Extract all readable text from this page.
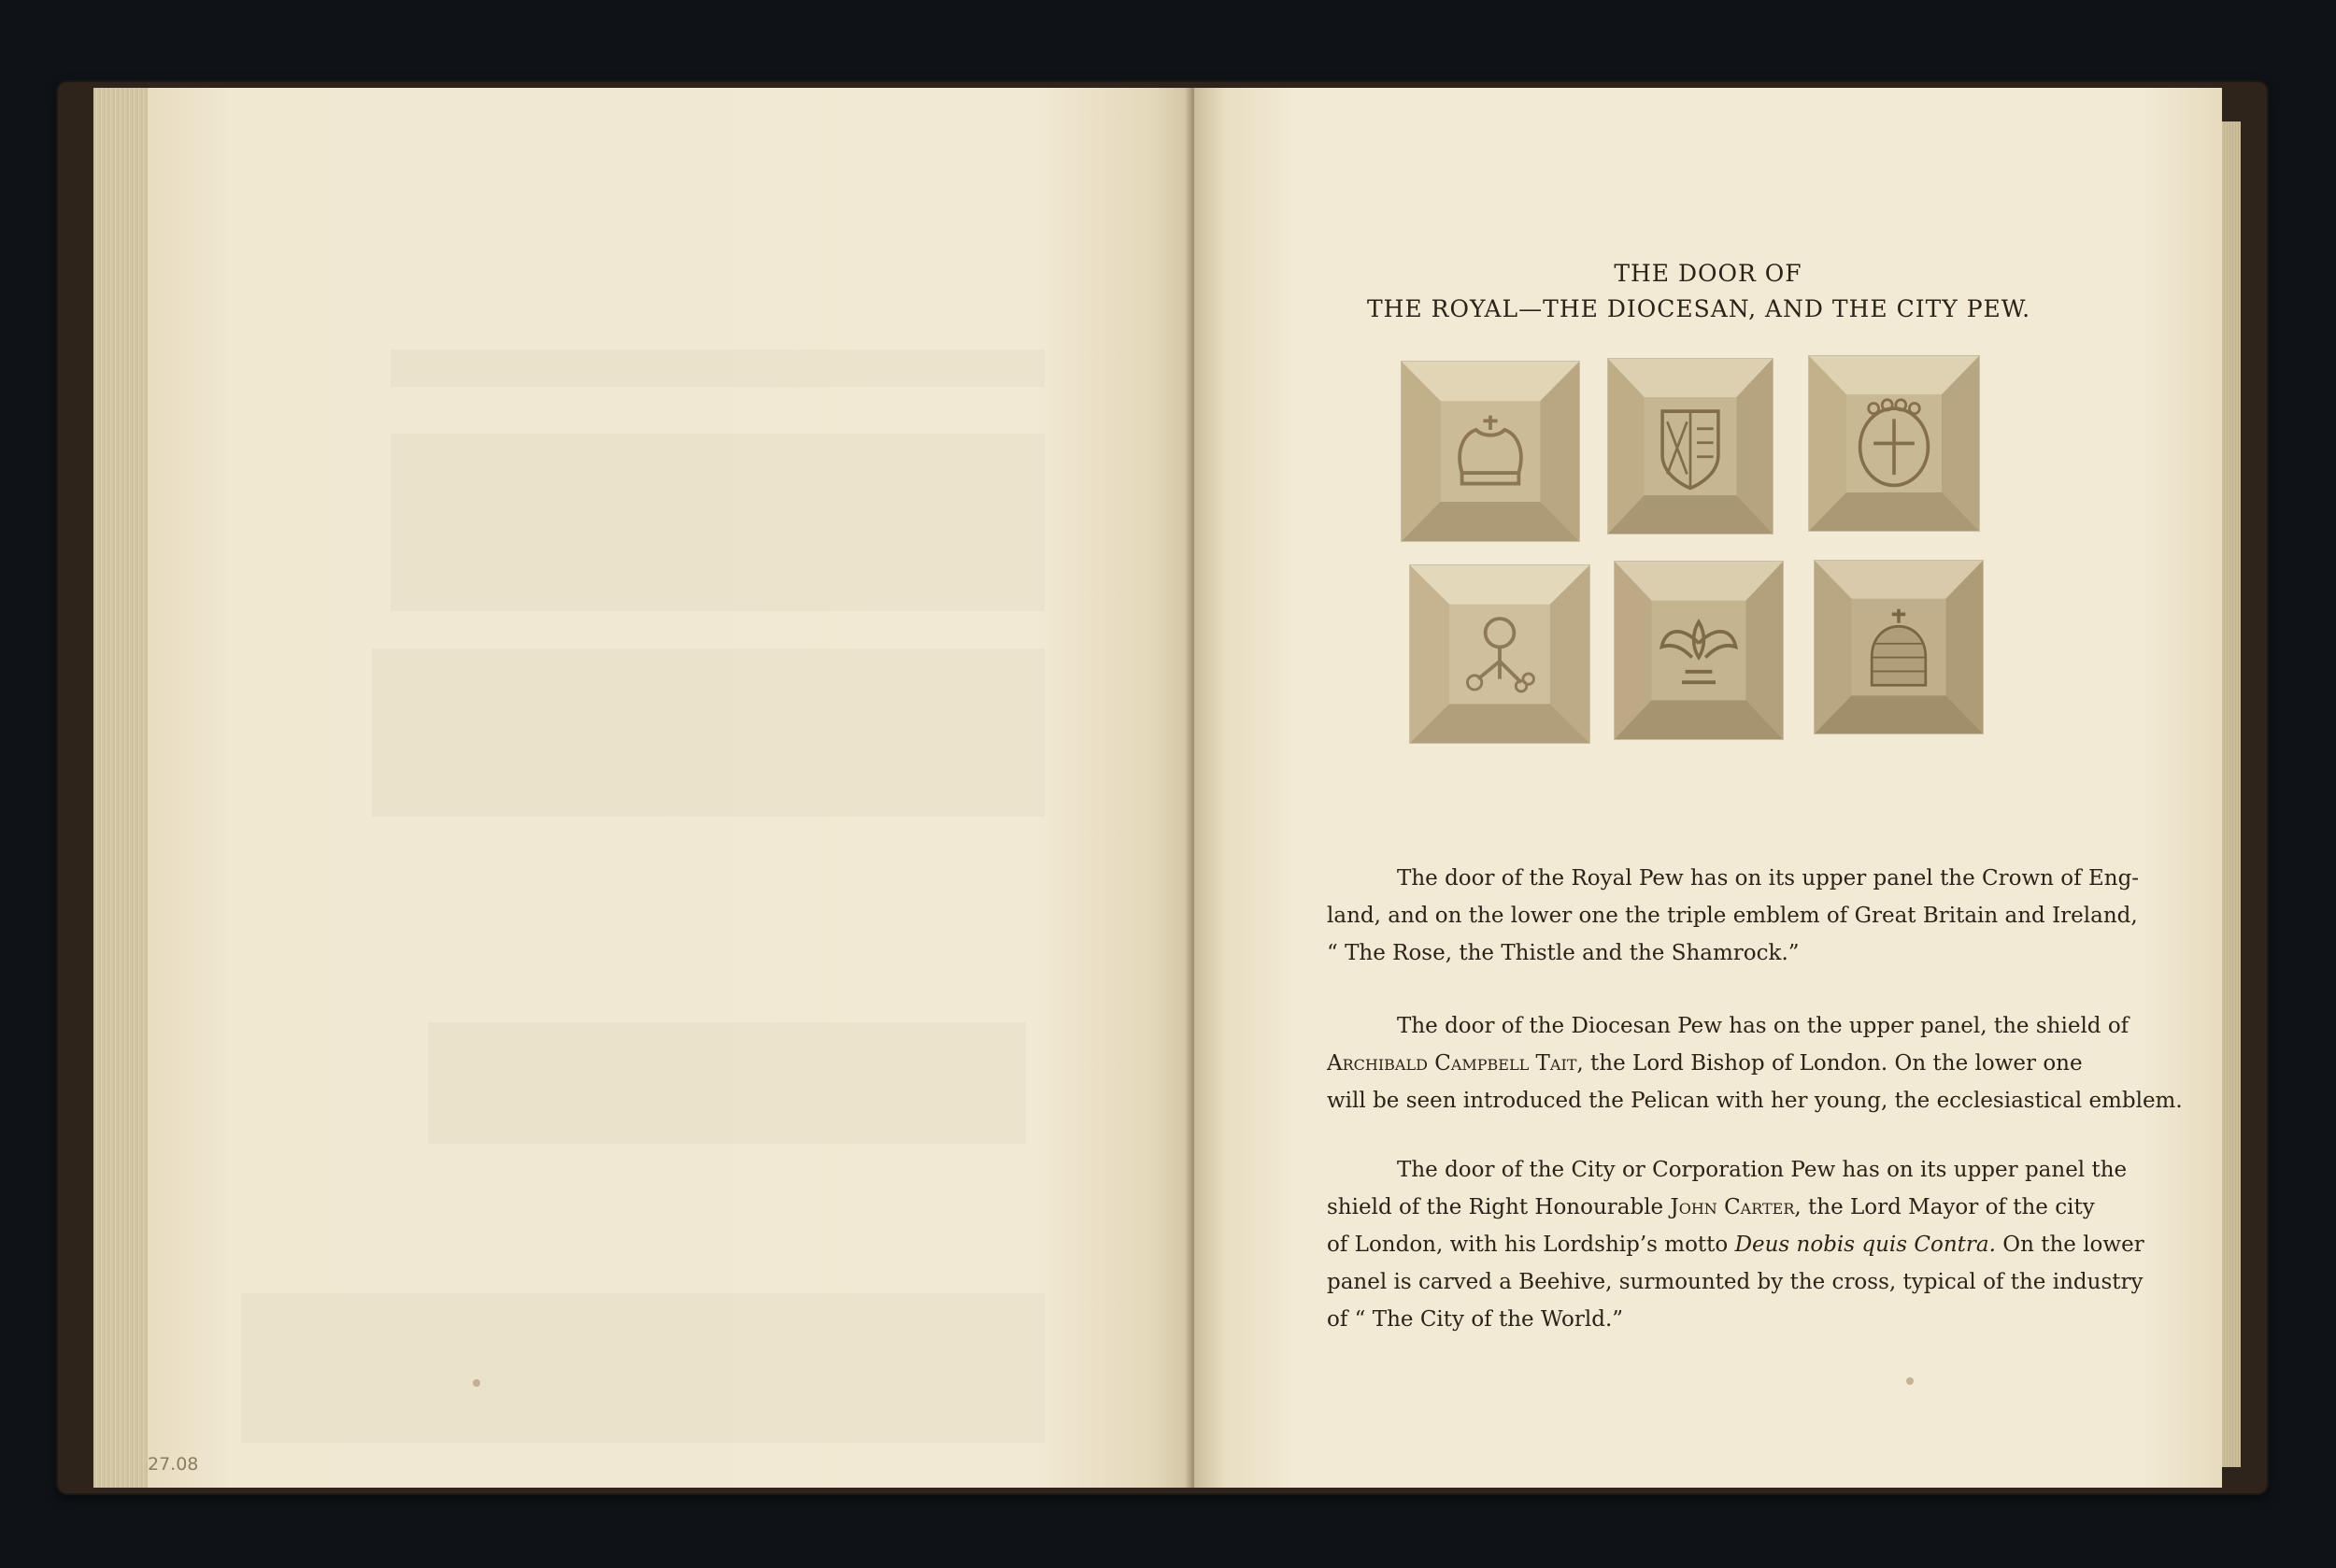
27.08
THE DOOR OF
THE ROYAL—THE DIOCESAN, AND THE CITY PEW.
The door of the Royal Pew has on its upper panel the Crown of Eng-
land, and on the lower one the triple emblem of Great Britain and Ireland,
“ The Rose, the Thistle and the Shamrock.”
The door of the Diocesan Pew has on the upper panel, the shield of
Archibald Campbell Tait, the Lord Bishop of London. On the lower one
will be seen introduced the Pelican with her young, the ecclesiastical emblem.
The door of the City or Corporation Pew has on its upper panel the
shield of the Right Honourable John Carter, the Lord Mayor of the city
of London, with his Lordship’s motto Deus nobis quis Contra. On the lower
panel is carved a Beehive, surmounted by the cross, typical of the industry
of “ The City of the World.”
